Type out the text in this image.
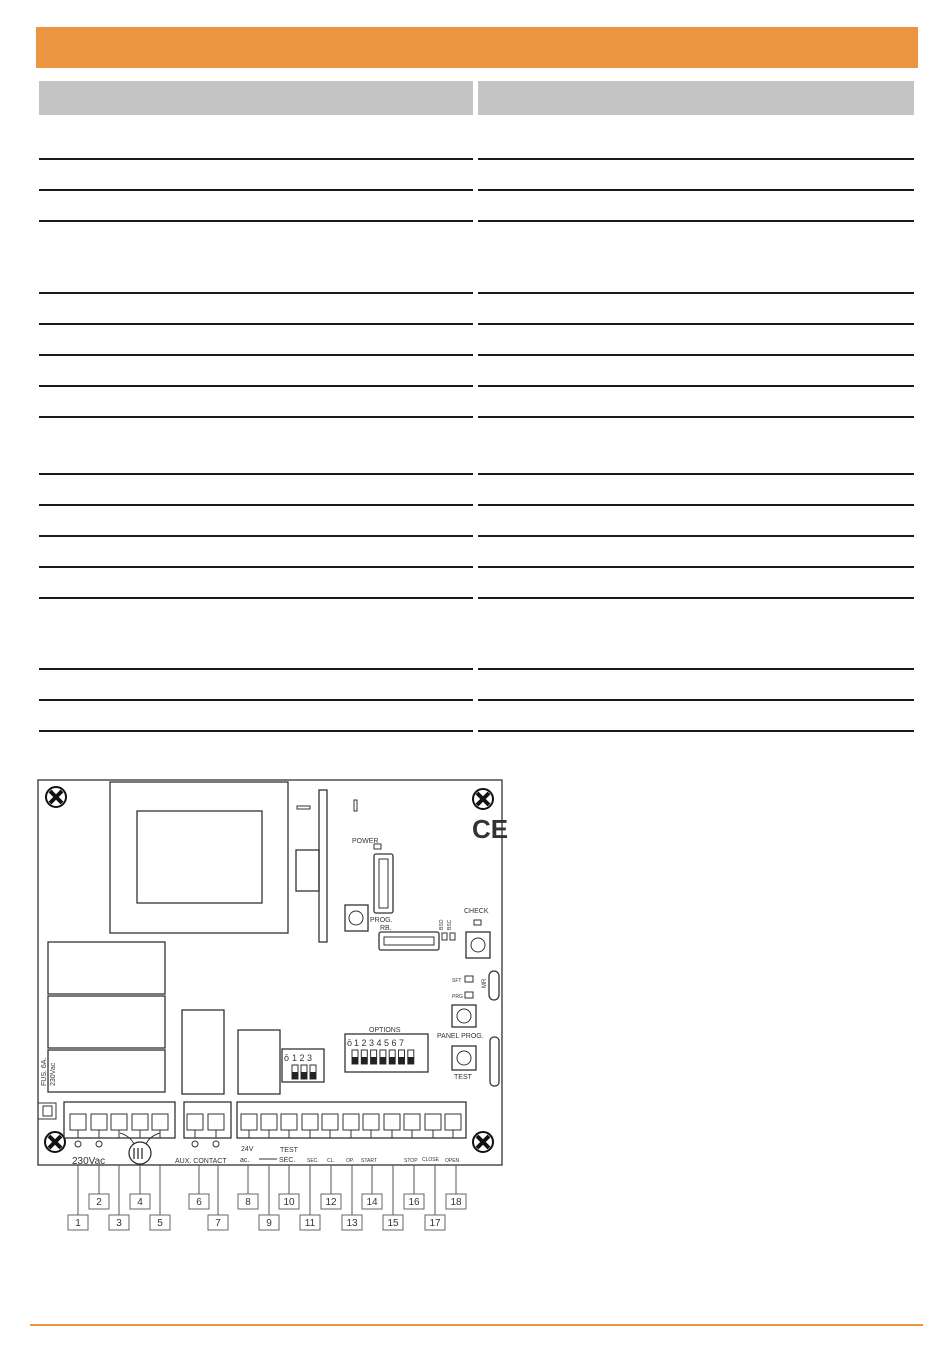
CE
POWER
PROG.
RB.	BSO BSC
CHECK
SFT
PRG
MR
PANEL PROG.
TEST
OPTIONS
ō 1 2 3 4 5 6 7
ō 1 2 3
FUS. 6A. 230Vac
230Vac	AUX. CONTACT
24V
ac.
TEST
SEC. SEC. CL. OP. START	STOP CLOSE OPEN
2	4	6	8	10	12	14	16	18
1	3	5	7	9	11	13	15	17
